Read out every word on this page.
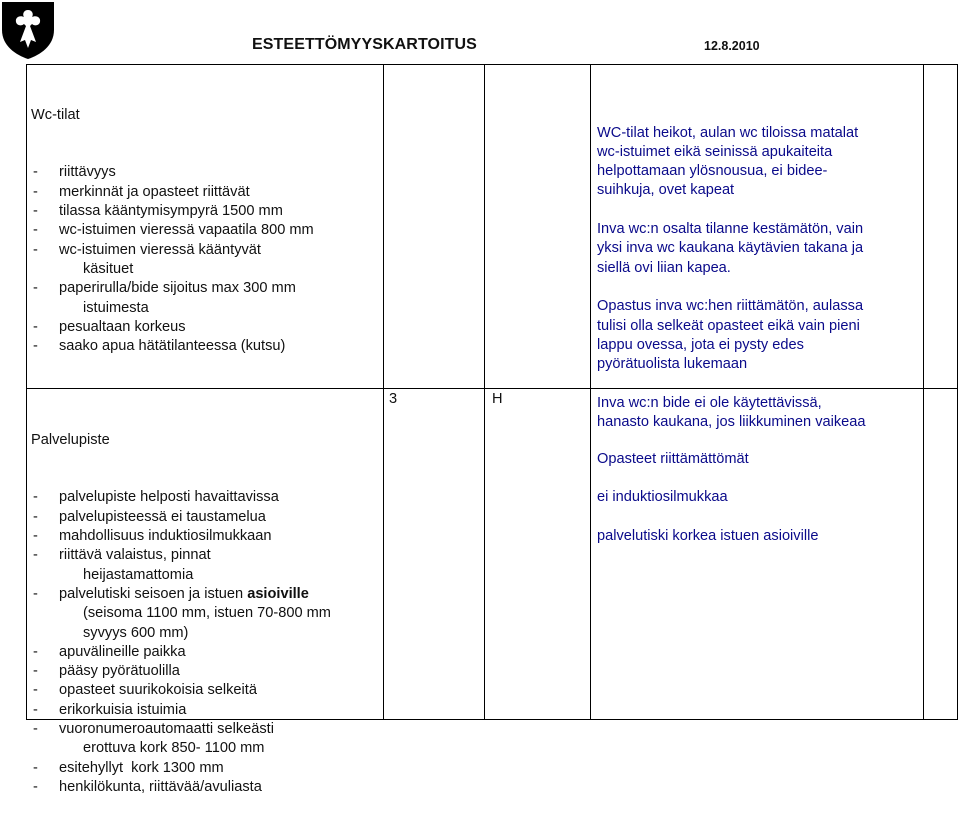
ESTEETTÖMYYSKARTOITUS	12.8.2010

Wc-tilat

- riittävyys
- merkinnät ja opasteet riittävät
- tilassa kääntymisympyrä 1500 mm
- wc-istuimen vieressä vapaatila 800 mm
- wc-istuimen vieressä kääntyvät
käsituet
- paperirulla/bide sijoitus max 300 mm
istuimesta
- pesualtaan korkeus
- saako apua hätätilanteessa (kutsu)

WC-tilat heikot, aulan wc tiloissa matalat
wc-istuimet eikä seinissä apukaiteita
helpottamaan ylösnousua, ei bidee-
suihkuja, ovet kapeat
Inva wc:n osalta tilanne kestämätön, vain
yksi inva wc kaukana käytävien takana ja
siellä ovi liian kapea.
Opastus inva wc:hen riittämätön, aulassa
tulisi olla selkeät opasteet eikä vain pieni
lappu ovessa, jota ei pysty edes
pyörätuolista lukemaan
Inva wc:n bide ei ole käytettävissä,
hanasto kaukana, jos liikkuminen vaikeaa

Palvelupiste

- palvelupiste helposti havaittavissa
- palvelupisteessä ei taustamelua
- mahdollisuus induktiosilmukkaan
- riittävä valaistus, pinnat
heijastamattomia
- palvelutiski seisoen ja istuen asioiville
(seisoma 1100 mm, istuen 70-800 mm
syvyys 600 mm)
- apuvälineille paikka
- pääsy pyörätuolilla
- opasteet suurikokoisia selkeitä
- erikorkuisia istuimia
- vuoronumeroautomaatti selkeästi
erottuva kork 850- 1100 mm
- esitehyllyt  kork 1300 mm
- henkilökunta, riittävää/avuliasta

3	H

Opasteet riittämättömät
ei induktiosilmukkaa
palvelutiski korkea istuen asioiville
